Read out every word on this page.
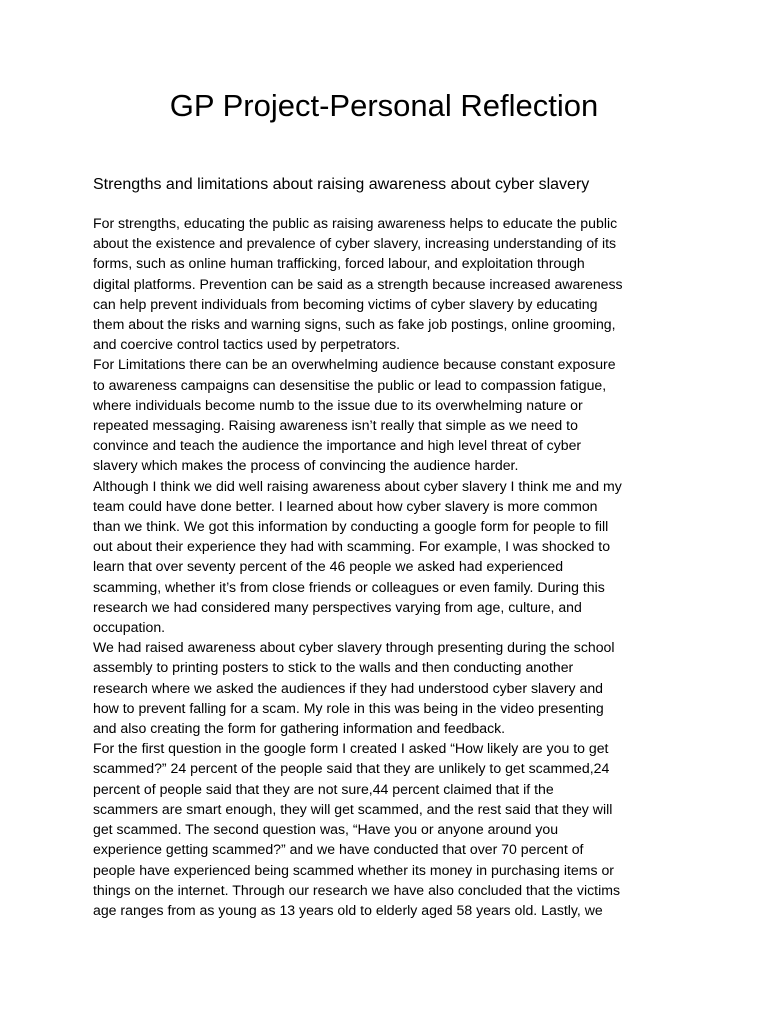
GP Project-Personal Reflection
Strengths and limitations about raising awareness about cyber slavery
For strengths, educating the public as raising awareness helps to educate the public
about the existence and prevalence of cyber slavery, increasing understanding of its
forms, such as online human trafficking, forced labour, and exploitation through
digital platforms. Prevention can be said as a strength because increased awareness
can help prevent individuals from becoming victims of cyber slavery by educating
them about the risks and warning signs, such as fake job postings, online grooming,
and coercive control tactics used by perpetrators.
For Limitations there can be an overwhelming audience because constant exposure
to awareness campaigns can desensitise the public or lead to compassion fatigue,
where individuals become numb to the issue due to its overwhelming nature or
repeated messaging. Raising awareness isn’t really that simple as we need to
convince and teach the audience the importance and high level threat of cyber
slavery which makes the process of convincing the audience harder.
Although I think we did well raising awareness about cyber slavery I think me and my
team could have done better. I learned about how cyber slavery is more common
than we think. We got this information by conducting a google form for people to fill
out about their experience they had with scamming. For example, I was shocked to
learn that over seventy percent of the 46 people we asked had experienced
scamming, whether it’s from close friends or colleagues or even family. During this
research we had considered many perspectives varying from age, culture, and
occupation.
We had raised awareness about cyber slavery through presenting during the school
assembly to printing posters to stick to the walls and then conducting another
research where we asked the audiences if they had understood cyber slavery and
how to prevent falling for a scam. My role in this was being in the video presenting
and also creating the form for gathering information and feedback.
For the first question in the google form I created I asked “How likely are you to get
scammed?” 24 percent of the people said that they are unlikely to get scammed,24
percent of people said that they are not sure,44 percent claimed that if the
scammers are smart enough, they will get scammed, and the rest said that they will
get scammed. The second question was, “Have you or anyone around you
experience getting scammed?” and we have conducted that over 70 percent of
people have experienced being scammed whether its money in purchasing items or
things on the internet. Through our research we have also concluded that the victims
age ranges from as young as 13 years old to elderly aged 58 years old. Lastly, we
